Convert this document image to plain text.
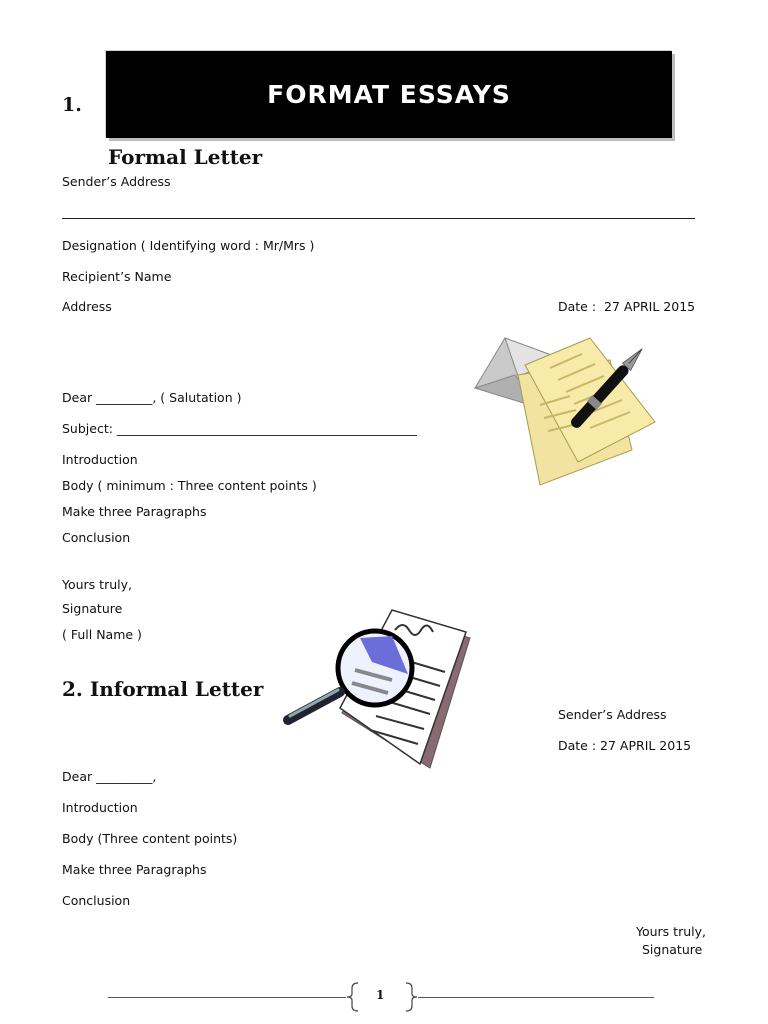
1.	FORMAT ESSAYS
Formal Letter
Sender’s Address
Designation ( Identifying word : Mr/Mrs )
Recipient’s Name
Address	Date :  27 APRIL 2015
Dear _________, ( Salutation )
Subject: ________________________________________________
Introduction
Body ( minimum : Three content points )
Make three Paragraphs
Conclusion
Yours truly,
Signature
( Full Name )
2. Informal Letter
Sender’s Address
Date : 27 APRIL 2015
Dear _________,
Introduction
Body (Three content points)
Make three Paragraphs
Conclusion
Yours truly,
Signature
1
